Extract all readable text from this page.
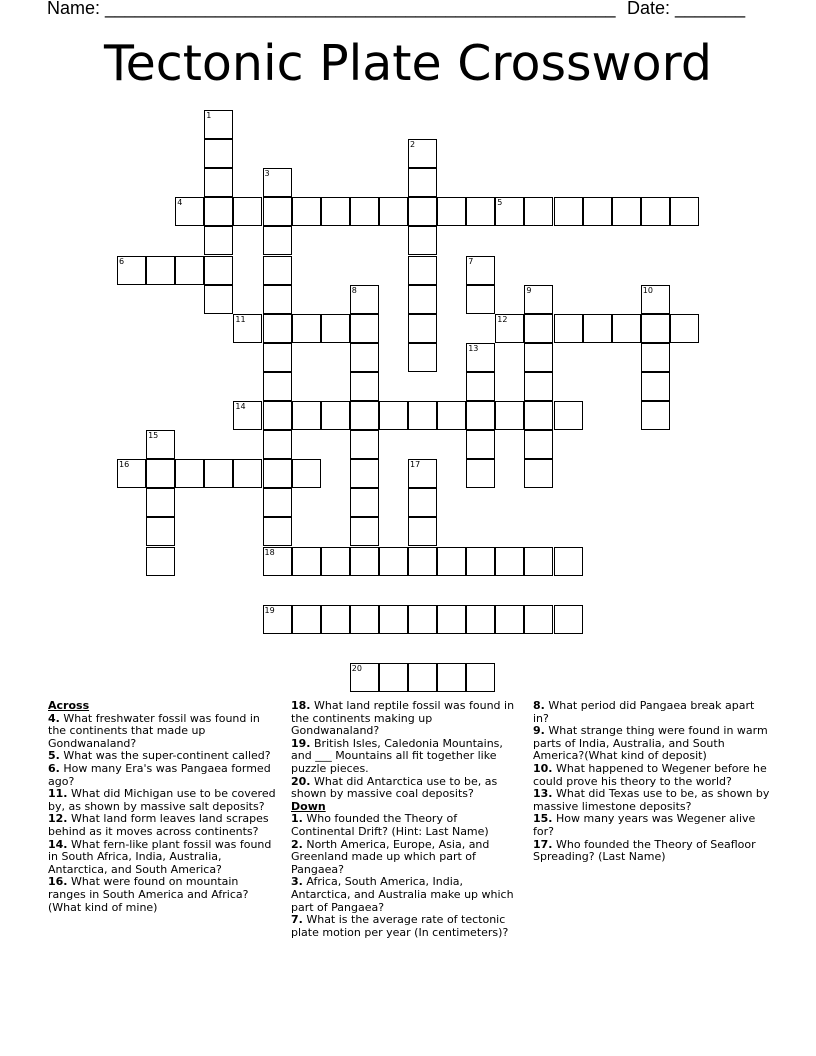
Name: ___________________________________________________ Date: _______
Tectonic Plate Crossword
1
2
3
4	5
6	7
8	9	10
11	12
13
14
15
16	17
18
19
20
Across

4. What freshwater fossil was found in the continents that made up Gondwanaland?

5. What was the super-continent called?

6. How many Era's was Pangaea formed ago?

11. What did Michigan use to be covered by, as shown by massive salt deposits?

12. What land form leaves land scrapes behind as it moves across continents?

14. What fern-like plant fossil was found in South Africa, India, Australia, Antarctica, and South America?

16. What were found on mountain ranges in South America and Africa?(What kind of mine)

18. What land reptile fossil was found in the continents making up Gondwanaland?

19. British Isles, Caledonia Mountains, and ___ Mountains all fit together like puzzle pieces.

20. What did Antarctica use to be, as shown by massive coal deposits?

Down

1. Who founded the Theory of Continental Drift? (Hint: Last Name)

2. North America, Europe, Asia, and Greenland made up which part of Pangaea?

3. Africa, South America, India, Antarctica, and Australia make up which part of Pangaea?

7. What is the average rate of tectonic plate motion per year (In centimeters)?

8. What period did Pangaea break apart in?

9. What strange thing were found in warm parts of India, Australia, and South America?(What kind of deposit)

10. What happened to Wegener before he could prove his theory to the world?

13. What did Texas use to be, as shown by massive limestone deposits?

15. How many years was Wegener alive for?

17. Who founded the Theory of Seafloor Spreading? (Last Name)
